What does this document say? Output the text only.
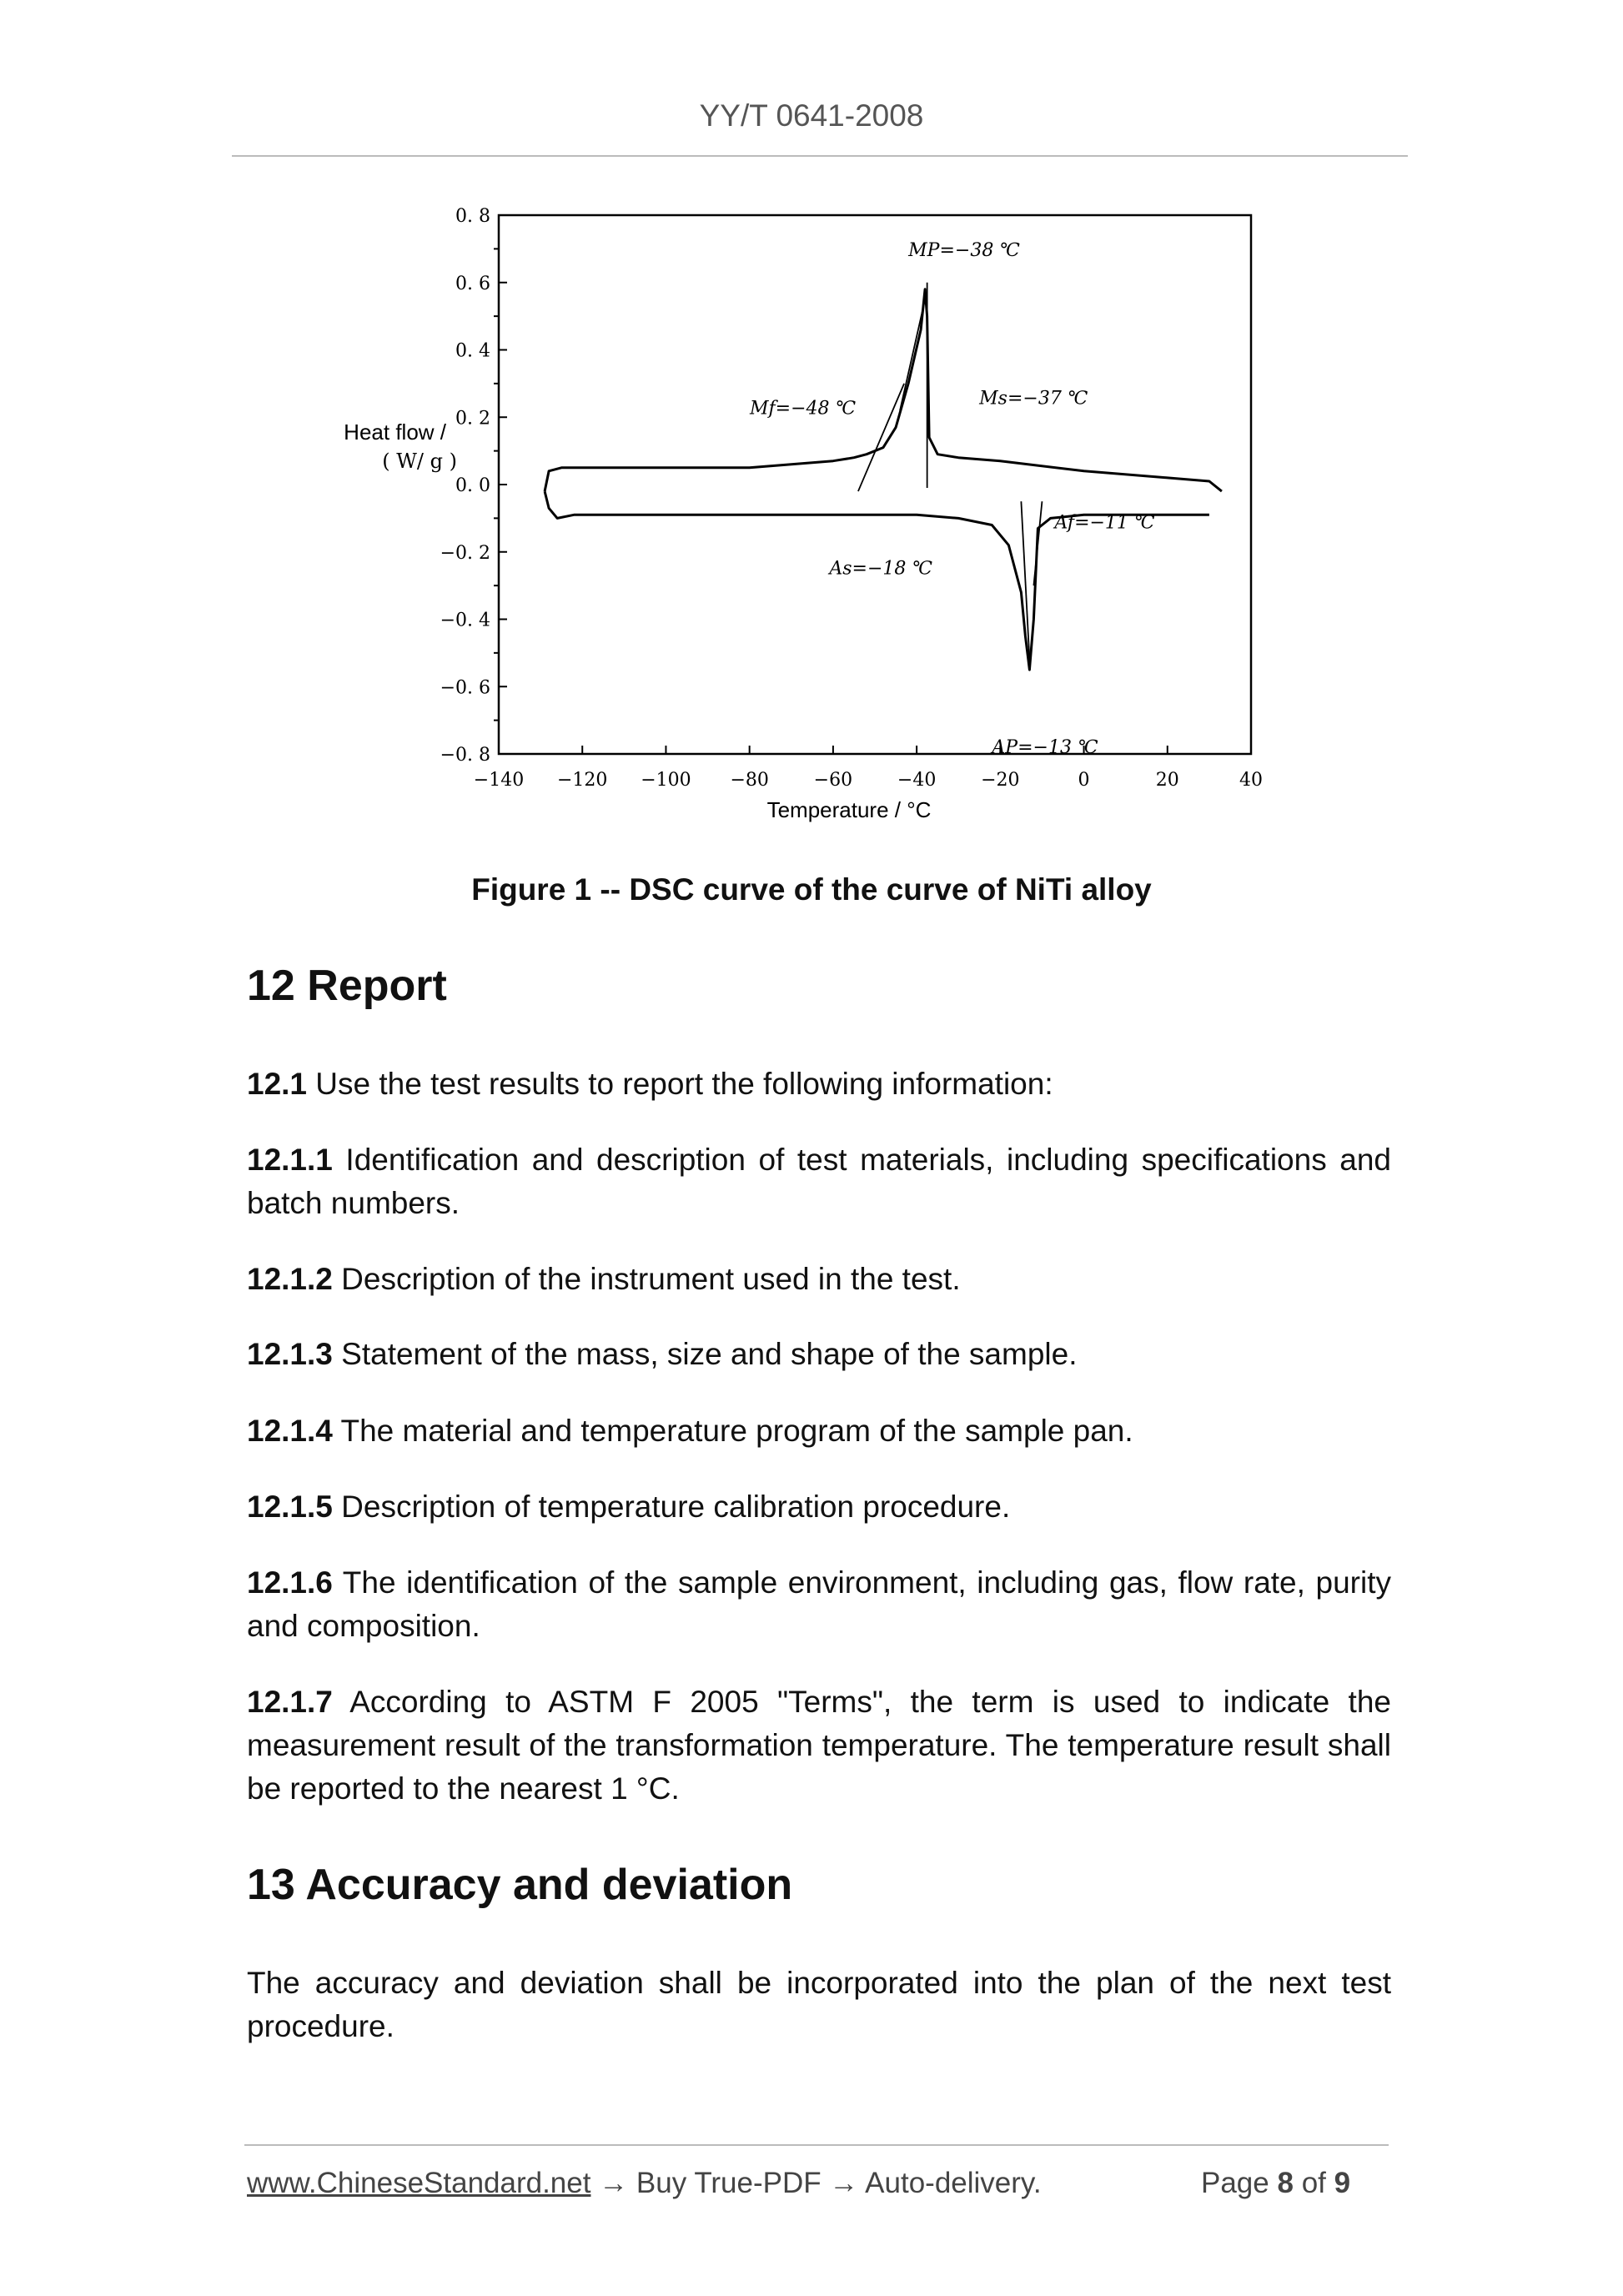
YY/T 0641-2008
0. 8
0. 6
0. 4
0. 2
0. 0
−0. 2
−0. 4
−0. 6
−0. 8
−140 −120 −100 −80 −60 −40 −20	0	20	40
Heat flow /
( W/ g )
Temperature / °C
MP=−38 ℃
Mf=−48 ℃	Ms=−37 ℃
Af=−11 ℃
As=−18 ℃
AP=−13 ℃
Figure 1 -- DSC curve of the curve of NiTi alloy
12 Report

12.1 Use the test results to report the following information:

12.1.1 Identification and description of test materials, including specifications and batch numbers.

12.1.2 Description of the instrument used in the test.

12.1.3 Statement of the mass, size and shape of the sample.

12.1.4 The material and temperature program of the sample pan.

12.1.5 Description of temperature calibration procedure.

12.1.6 The identification of the sample environment, including gas, flow rate, purity and composition.

12.1.7 According to ASTM F 2005 "Terms", the term is used to indicate the measurement result of the transformation temperature. The temperature result shall be reported to the nearest 1 °C.

13 Accuracy and deviation

The accuracy and deviation shall be incorporated into the plan of the next test procedure.

www.ChineseStandard.net → Buy True-PDF → Auto-delivery.	Page 8 of 9
